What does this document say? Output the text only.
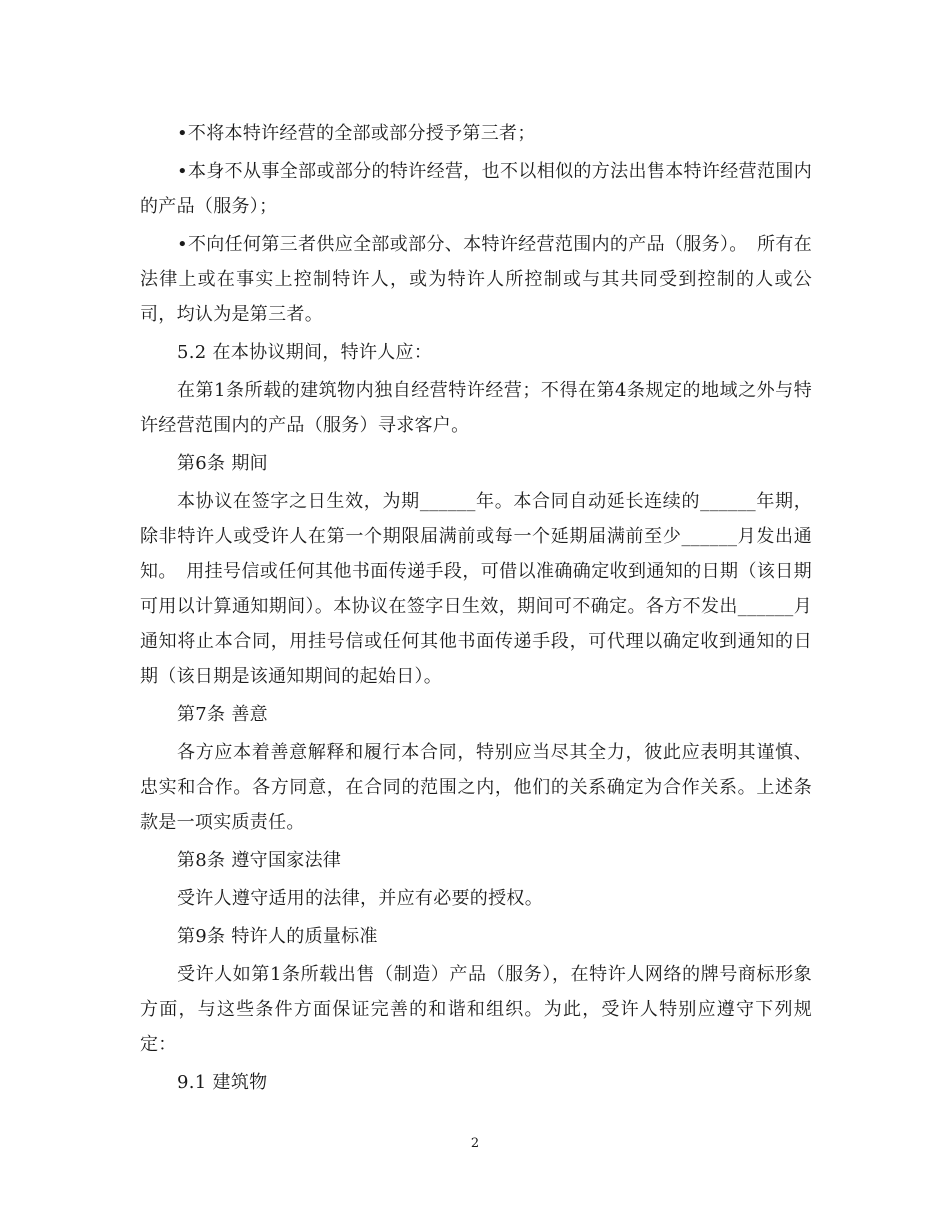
•不将本特许经营的全部或部分授予第三者；

•本身不从事全部或部分的特许经营，也不以相似的方法出售本特许经营范围内的产品（服务）；

•不向任何第三者供应全部或部分、本特许经营范围内的产品（服务）。　所有在法律上或在事实上控制特许人，或为特许人所控制或与其共同受到控制的人或公司，均认为是第三者。

5.2 在本协议期间，特许人应：

在第1条所载的建筑物内独自经营特许经营；不得在第4条规定的地域之外与特许经营范围内的产品（服务）寻求客户。

第6条 期间

本协议在签字之日生效，为期______年。本合同自动延长连续的______年期，除非特许人或受许人在第一个期限届满前或每一个延期届满前至少______月发出通知。　用挂号信或任何其他书面传递手段，可借以准确确定收到通知的日期（该日期可用以计算通知期间）。本协议在签字日生效，期间可不确定。各方不发出______月通知将止本合同，用挂号信或任何其他书面传递手段，可代理以确定收到通知的日期（该日期是该通知期间的起始日）。

第7条 善意

各方应本着善意解释和履行本合同，特别应当尽其全力，彼此应表明其谨慎、忠实和合作。各方同意，在合同的范围之内，他们的关系确定为合作关系。上述条款是一项实质责任。

第8条 遵守国家法律

受许人遵守适用的法律，并应有必要的授权。

第9条 特许人的质量标准

受许人如第1条所载出售（制造）产品（服务），在特许人网络的牌号商标形象方面，与这些条件方面保证完善的和谐和组织。为此，受许人特别应遵守下列规定：

9.1 建筑物

2
